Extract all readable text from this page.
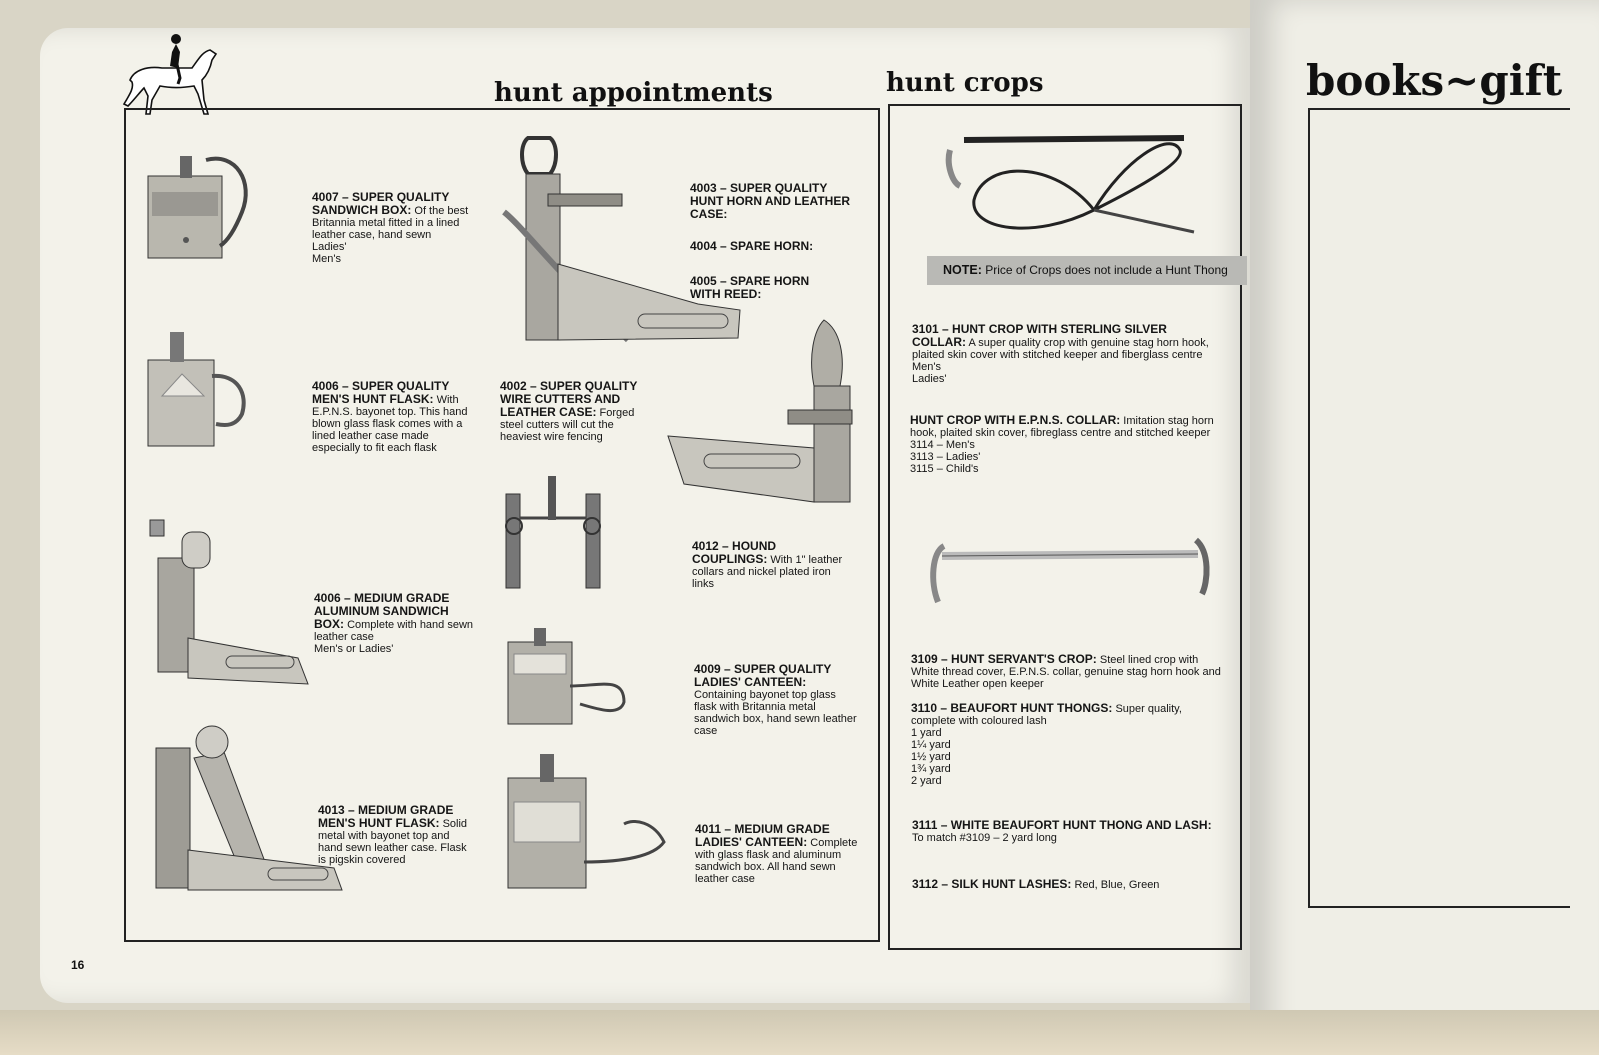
hunt appointments	hunt crops	books~gift

4007 – SUPER QUALITY SANDWICH BOX: Of the best Britannia metal fitted in a lined leather case, hand sewn
Ladies'
Men's

4003 – SUPER QUALITY HUNT HORN AND LEATHER CASE:

4004 – SPARE HORN:

4005 – SPARE HORN WITH REED:

4006 – SUPER QUALITY MEN'S HUNT FLASK: With E.P.N.S. bayonet top. This hand blown glass flask comes with a lined leather case made especially to fit each flask

4002 – SUPER QUALITY WIRE CUTTERS AND LEATHER CASE: Forged steel cutters will cut the heaviest wire fencing

4012 – HOUND COUPLINGS: With 1" leather collars and nickel plated iron links

4006 – MEDIUM GRADE ALUMINUM SANDWICH BOX: Complete with hand sewn leather case
Men's or Ladies'

4009 – SUPER QUALITY LADIES' CANTEEN: Containing bayonet top glass flask with Britannia metal sandwich box, hand sewn leather case

4013 – MEDIUM GRADE MEN'S HUNT FLASK: Solid metal with bayonet top and hand sewn leather case. Flask is pigskin covered

4011 – MEDIUM GRADE LADIES' CANTEEN: Complete with glass flask and aluminum sandwich box. All hand sewn leather case

NOTE: Price of Crops does not include a Hunt Thong

3101 – HUNT CROP WITH STERLING SILVER COLLAR: A super quality crop with genuine stag horn hook, plaited skin cover with stitched keeper and fiberglass centre
Men's
Ladies'

HUNT CROP WITH E.P.N.S. COLLAR: Imitation stag horn hook, plaited skin cover, fibreglass centre and stitched keeper
3114 – Men's
3113 – Ladies'
3115 – Child's

3109 – HUNT SERVANT'S CROP: Steel lined crop with White thread cover, E.P.N.S. collar, genuine stag horn hook and White Leather open keeper

3110 – BEAUFORT HUNT THONGS: Super quality, complete with coloured lash
1 yard
1¼ yard
1½ yard
1¾ yard
2 yard

3111 – WHITE BEAUFORT HUNT THONG AND LASH: To match #3109 – 2 yard long

3112 – SILK HUNT LASHES: Red, Blue, Green

16
